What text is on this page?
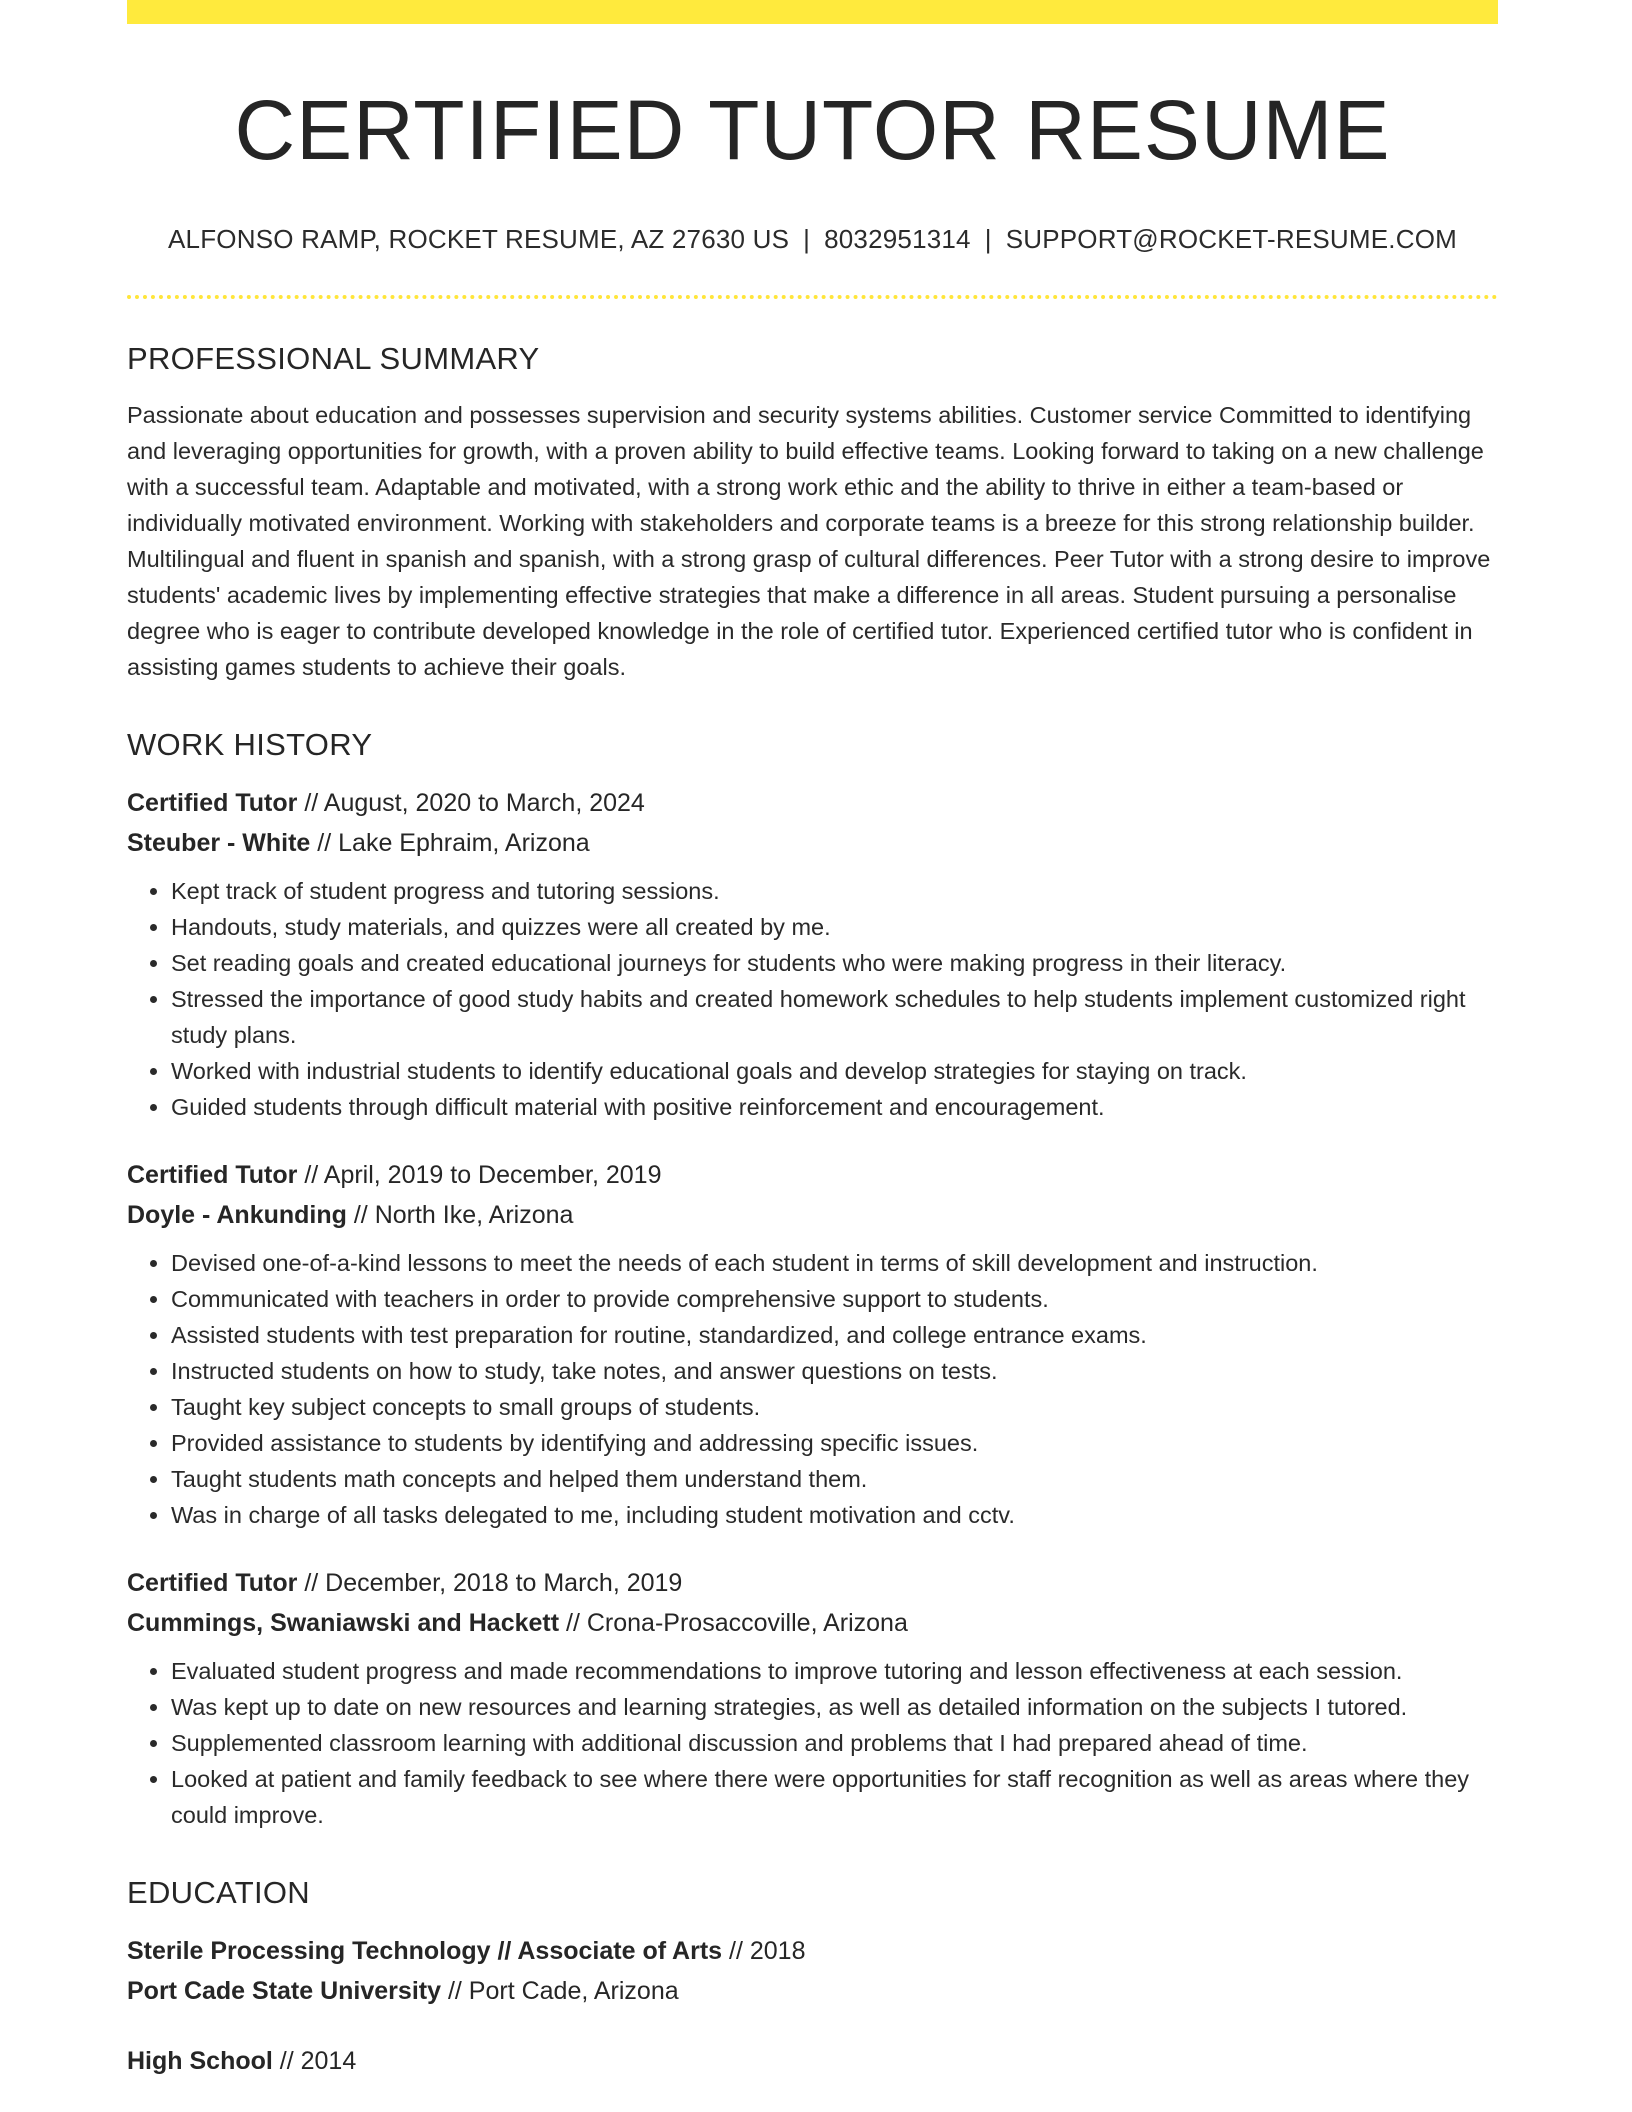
CERTIFIED TUTOR RESUME
ALFONSO RAMP, ROCKET RESUME, AZ 27630 US | 8032951314 | SUPPORT@ROCKET-RESUME.COM
PROFESSIONAL SUMMARY

Passionate about education and possesses supervision and security systems abilities. Customer service Committed to identifying and leveraging opportunities for growth, with a proven ability to build effective teams. Looking forward to taking on a new challenge with a successful team. Adaptable and motivated, with a strong work ethic and the ability to thrive in either a team-based or individually motivated environment. Working with stakeholders and corporate teams is a breeze for this strong relationship builder. Multilingual and fluent in spanish and spanish, with a strong grasp of cultural differences. Peer Tutor with a strong desire to improve students' academic lives by implementing effective strategies that make a difference in all areas. Student pursuing a personalise degree who is eager to contribute developed knowledge in the role of certified tutor. Experienced certified tutor who is confident in assisting games students to achieve their goals.

WORK HISTORY
Certified Tutor // August, 2020 to March, 2024
Steuber - White // Lake Ephraim, Arizona
• Kept track of student progress and tutoring sessions.
• Handouts, study materials, and quizzes were all created by me.
• Set reading goals and created educational journeys for students who were making progress in their literacy.
• Stressed the importance of good study habits and created homework schedules to help students implement customized right study plans.
• Worked with industrial students to identify educational goals and develop strategies for staying on track.
• Guided students through difficult material with positive reinforcement and encouragement.
Certified Tutor // April, 2019 to December, 2019
Doyle - Ankunding // North Ike, Arizona
• Devised one-of-a-kind lessons to meet the needs of each student in terms of skill development and instruction.
• Communicated with teachers in order to provide comprehensive support to students.
• Assisted students with test preparation for routine, standardized, and college entrance exams.
• Instructed students on how to study, take notes, and answer questions on tests.
• Taught key subject concepts to small groups of students.
• Provided assistance to students by identifying and addressing specific issues.
• Taught students math concepts and helped them understand them.
• Was in charge of all tasks delegated to me, including student motivation and cctv.
Certified Tutor // December, 2018 to March, 2019
Cummings, Swaniawski and Hackett // Crona-Prosaccoville, Arizona
• Evaluated student progress and made recommendations to improve tutoring and lesson effectiveness at each session.
• Was kept up to date on new resources and learning strategies, as well as detailed information on the subjects I tutored.
• Supplemented classroom learning with additional discussion and problems that I had prepared ahead of time.
• Looked at patient and family feedback to see where there were opportunities for staff recognition as well as areas where they could improve.
EDUCATION
Sterile Processing Technology // Associate of Arts // 2018
Port Cade State University // Port Cade, Arizona
High School // 2014
